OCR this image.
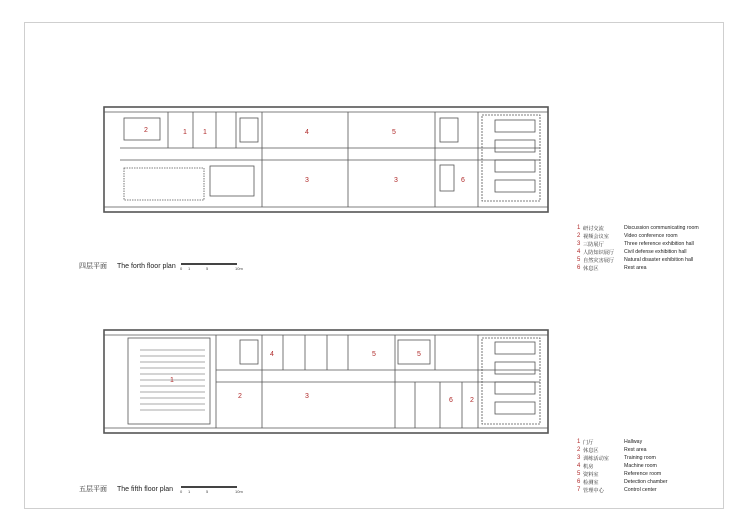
2	1 1	4	5
3	3	6
1
4	5	5
2	3
6 2
四层平面 The forth floor plan 0 1	5	10m
五层平面 The fifth floor plan 0 1	5	10m
1 研讨交流	Discussion communicating room
2 视频会议室	Video conference room
3 三防展厅	Three reference exhibition hall
4 人防知识展厅	Civil defense exhibition hall
5 自然灾害展厅	Natural disaster exhibition hall
6 休息区	Rest area
1 门厅	Hallway
2 休息区	Rest area
3 训练活动室	Training room
4 机房	Machine room
5 资料室	Reference room
6 检测室	Detection chamber
7 管理中心	Control center
